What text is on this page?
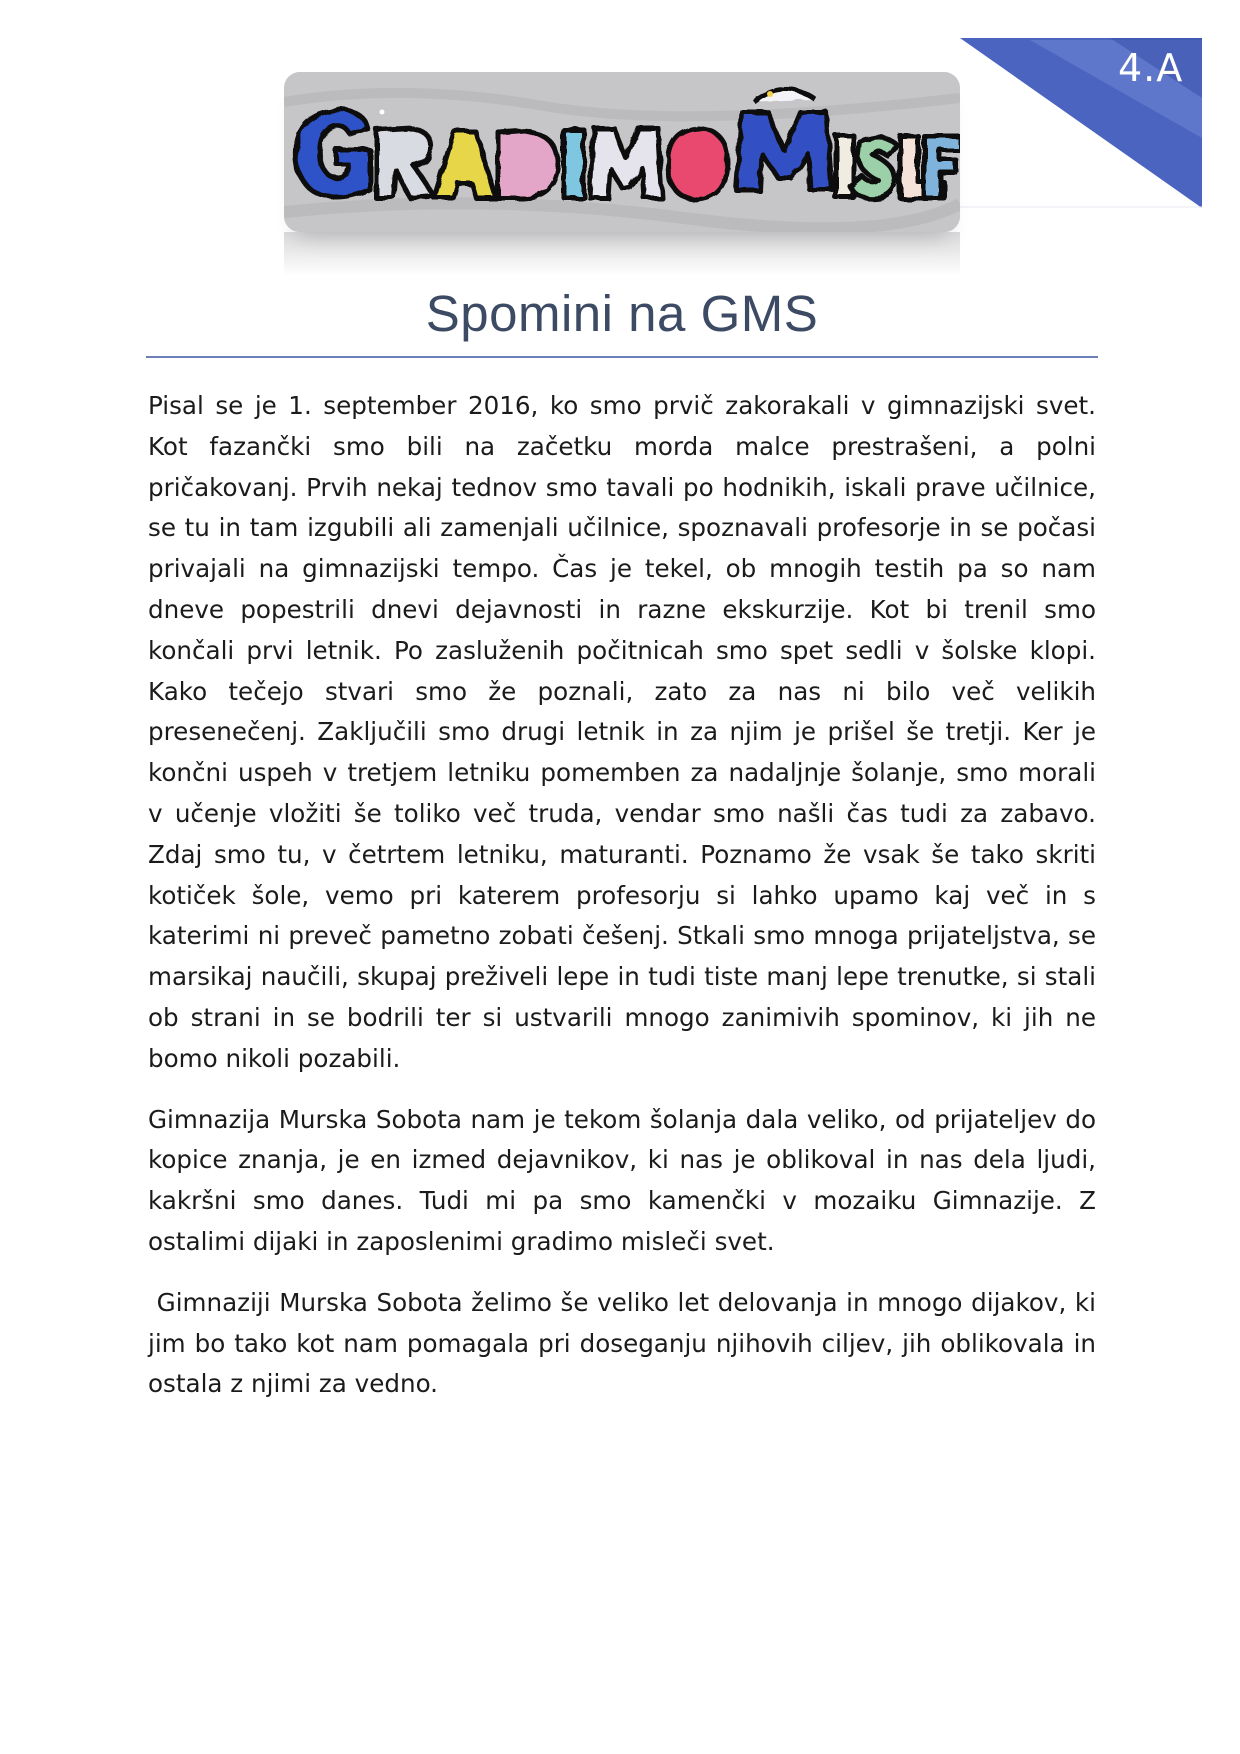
4.A
Spomini na GMS

Pisal se je 1. september 2016, ko smo prvič zakorakali v gimnazijski svet. Kot fazančki smo bili na začetku morda malce prestrašeni, a polni pričakovanj. Prvih nekaj tednov smo tavali po hodnikih, iskali prave učilnice, se tu in tam izgubili ali zamenjali učilnice, spoznavali profesorje in se počasi privajali na gimnazijski tempo. Čas je tekel, ob mnogih testih pa so nam dneve popestrili dnevi dejavnosti in razne ekskurzije. Kot bi trenil smo končali prvi letnik. Po zasluženih počitnicah smo spet sedli v šolske klopi. Kako tečejo stvari smo že poznali, zato za nas ni bilo več velikih presenečenj. Zaključili smo drugi letnik in za njim je prišel še tretji. Ker je končni uspeh v tretjem letniku pomemben za nadaljnje šolanje, smo morali v učenje vložiti še toliko več truda, vendar smo našli čas tudi za zabavo. Zdaj smo tu, v četrtem letniku, maturanti. Poznamo že vsak še tako skriti kotiček šole, vemo pri katerem profesorju si lahko upamo kaj več in s katerimi ni preveč pametno zobati češenj. Stkali smo mnoga prijateljstva, se marsikaj naučili, skupaj preživeli lepe in tudi tiste manj lepe trenutke, si stali ob strani in se bodrili ter si ustvarili mnogo zanimivih spominov, ki jih ne bomo nikoli pozabili.

Gimnazija Murska Sobota nam je tekom šolanja dala veliko, od prijateljev do kopice znanja, je en izmed dejavnikov, ki nas je oblikoval in nas dela ljudi, kakršni smo danes. Tudi mi pa smo kamenčki v mozaiku Gimnazije. Z ostalimi dijaki in zaposlenimi gradimo misleči svet.

Gimnaziji Murska Sobota želimo še veliko let delovanja in mnogo dijakov, ki jim bo tako kot nam pomagala pri doseganju njihovih ciljev, jih oblikovala in ostala z njimi za vedno.
